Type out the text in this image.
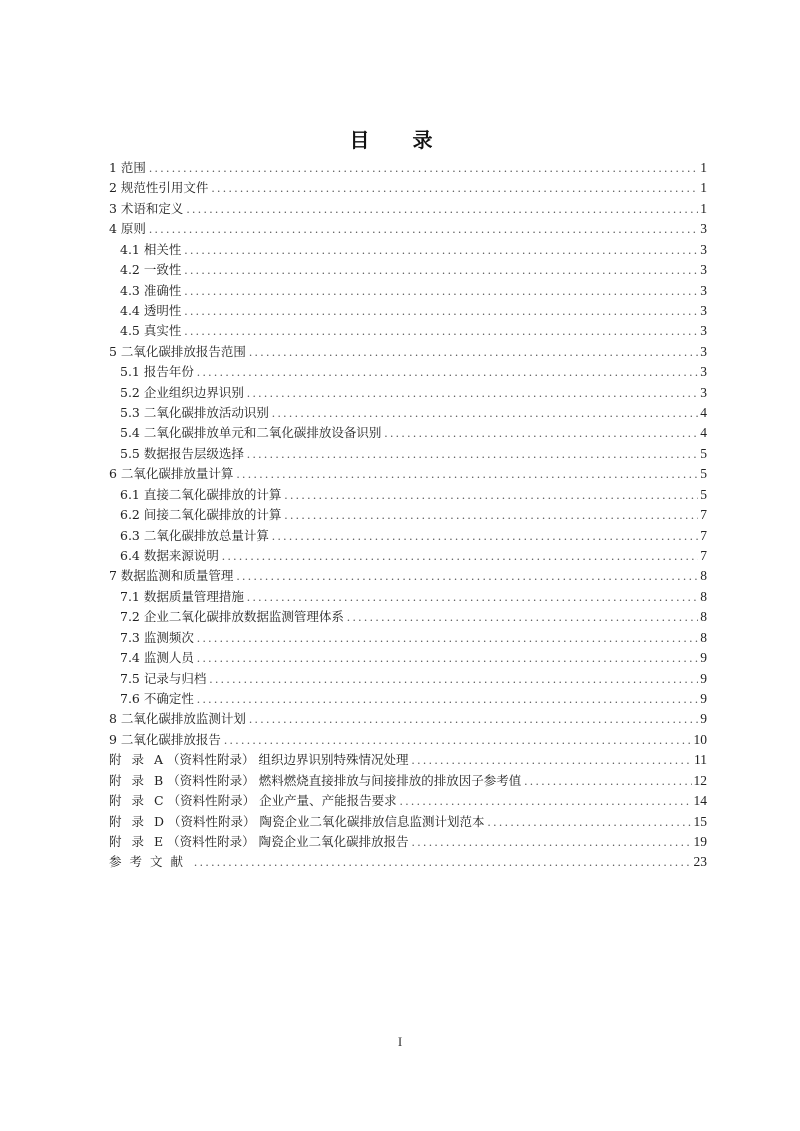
目 录
1 范围 .....	1
2 规范性引用文件 .....	1
3 术语和定义 .....	1
4 原则 .....	3
4.1 相关性 .....	3
4.2 一致性 .....	3
4.3 准确性 .....	3
4.4 透明性 .....	3
4.5 真实性 .....	3
5 二氧化碳排放报告范围 .....	3
5.1 报告年份 .....	3
5.2 企业组织边界识别 .....	3
5.3 二氧化碳排放活动识别 .....	4
5.4 二氧化碳排放单元和二氧化碳排放设备识别 .....	4
5.5 数据报告层级选择 .....	5
6 二氧化碳排放量计算 .....	5
6.1 直接二氧化碳排放的计算 .....	5
6.2 间接二氧化碳排放的计算 .....	7
6.3 二氧化碳排放总量计算 .....	7
6.4 数据来源说明 .....	7
7 数据监测和质量管理 .....	8
7.1 数据质量管理措施 .....	8
7.2 企业二氧化碳排放数据监测管理体系 .....	8
7.3 监测频次 .....	8
7.4 监测人员 .....	9
7.5 记录与归档 .....	9
7.6 不确定性 .....	9
8 二氧化碳排放监测计划 .....	9
9 二氧化碳排放报告 .....	10
附录A （资料性附录） 组织边界识别特殊情况处理 .....	11
附录B （资料性附录） 燃料燃烧直接排放与间接排放的排放因子参考值 .....	12
附录C （资料性附录） 企业产量、产能报告要求 .....	14
附录D （资料性附录） 陶瓷企业二氧化碳排放信息监测计划范本 .....	15
附录E （资料性附录） 陶瓷企业二氧化碳排放报告 .....	19
参考文献 .....	23
I
